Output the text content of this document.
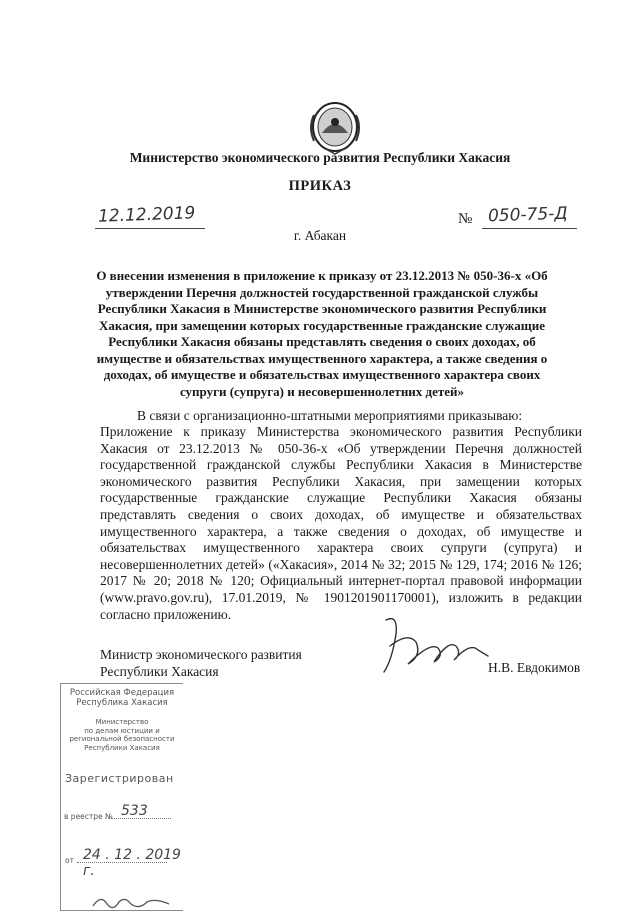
Министерство экономического развития Республики Хакасия
ПРИКАЗ
12.12.2019	№ 050-75-Д
г. Абакан
О внесении изменения в приложение к приказу от 23.12.2013 № 050-36-х «Об утверждении Перечня должностей государственной гражданской службы Республики Хакасия в Министерстве экономического развития Республики Хакасия, при замещении которых государственные гражданские служащие Республики Хакасия обязаны представлять сведения о своих доходах, об имуществе и обязательствах имущественного характера, а также сведения о доходах, об имуществе и обязательствах имущественного характера своих супруги (супруга) и несовершеннолетних детей»
В связи с организационно-штатными мероприятиями приказываю:
Приложение к приказу Министерства экономического развития Республики Хакасия от 23.12.2013 № 050-36-х «Об утверждении Перечня должностей государственной гражданской службы Республики Хакасия в Министерстве экономического развития Республики Хакасия, при замещении которых государственные гражданские служащие Республики Хакасия обязаны представлять сведения о своих доходах, об имуществе и обязательствах имущественного характера, а также сведения о доходах, об имуществе и обязательствах имущественного характера своих супруги (супруга) и несовершеннолетних детей» («Хакасия», 2014 № 32; 2015 № 129, 174; 2016 № 126; 2017 № 20; 2018 № 120; Официальный интернет-портал правовой информации (www.pravo.gov.ru), 17.01.2019, № 1901201901170001), изложить в редакции согласно приложению.
Министр экономического развития
Республики Хакасия	Н.В. Евдокимов
Российская Федерация
Республика Хакасия
Министерство
по делам юстиции и
региональной безопасности
Республики Хакасия
Зарегистрирован
в реестре № 533
от 24 . 12 . 2019 г.
